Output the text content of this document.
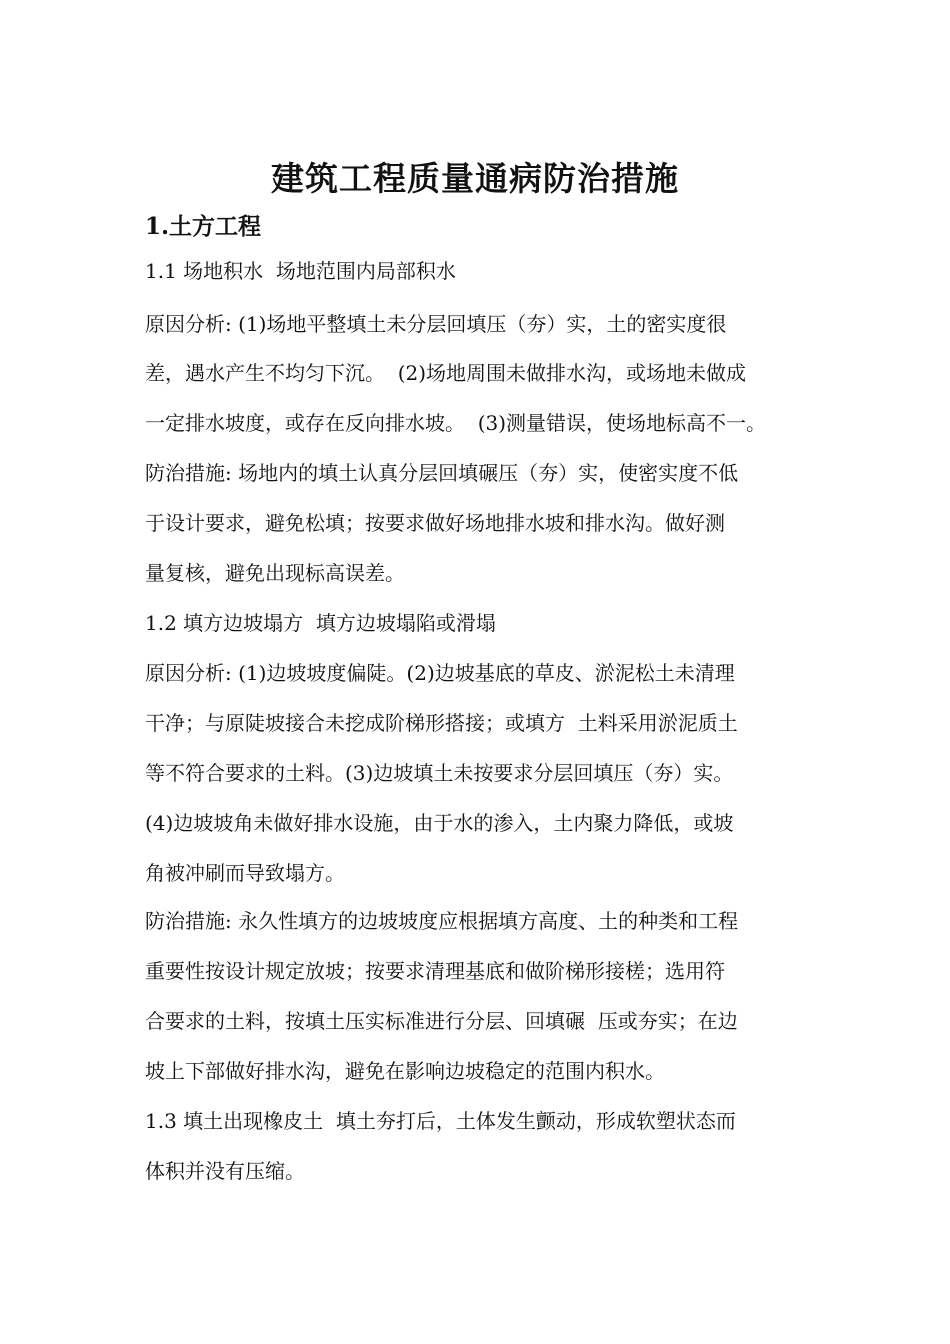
建筑工程质量通病防治措施
1.土方工程
1.1 场地积水  场地范围内局部积水
原因分析: (1)场地平整填土未分层回填压（夯）实，土的密实度很
差，遇水产生不均匀下沉。  (2)场地周围未做排水沟，或场地未做成
一定排水坡度，或存在反向排水坡。  (3)测量错误，使场地标高不一。
防治措施: 场地内的填土认真分层回填碾压（夯）实，使密实度不低
于设计要求，避免松填；按要求做好场地排水坡和排水沟。做好测
量复核，避免出现标高误差。
1.2 填方边坡塌方  填方边坡塌陷或滑塌
原因分析: (1)边坡坡度偏陡。(2)边坡基底的草皮、淤泥松土未清理
干净；与原陡坡接合未挖成阶梯形搭接；或填方  土料采用淤泥质土
等不符合要求的土料。(3)边坡填土未按要求分层回填压（夯）实。
(4)边坡坡角未做好排水设施，由于水的渗入，土内聚力降低，或坡
角被冲刷而导致塌方。
防治措施: 永久性填方的边坡坡度应根据填方高度、土的种类和工程
重要性按设计规定放坡；按要求清理基底和做阶梯形接槎；选用符
合要求的土料，按填土压实标准进行分层、回填碾  压或夯实；在边
坡上下部做好排水沟，避免在影响边坡稳定的范围内积水。
1.3 填土出现橡皮土  填土夯打后，土体发生颤动，形成软塑状态而
体积并没有压缩。
